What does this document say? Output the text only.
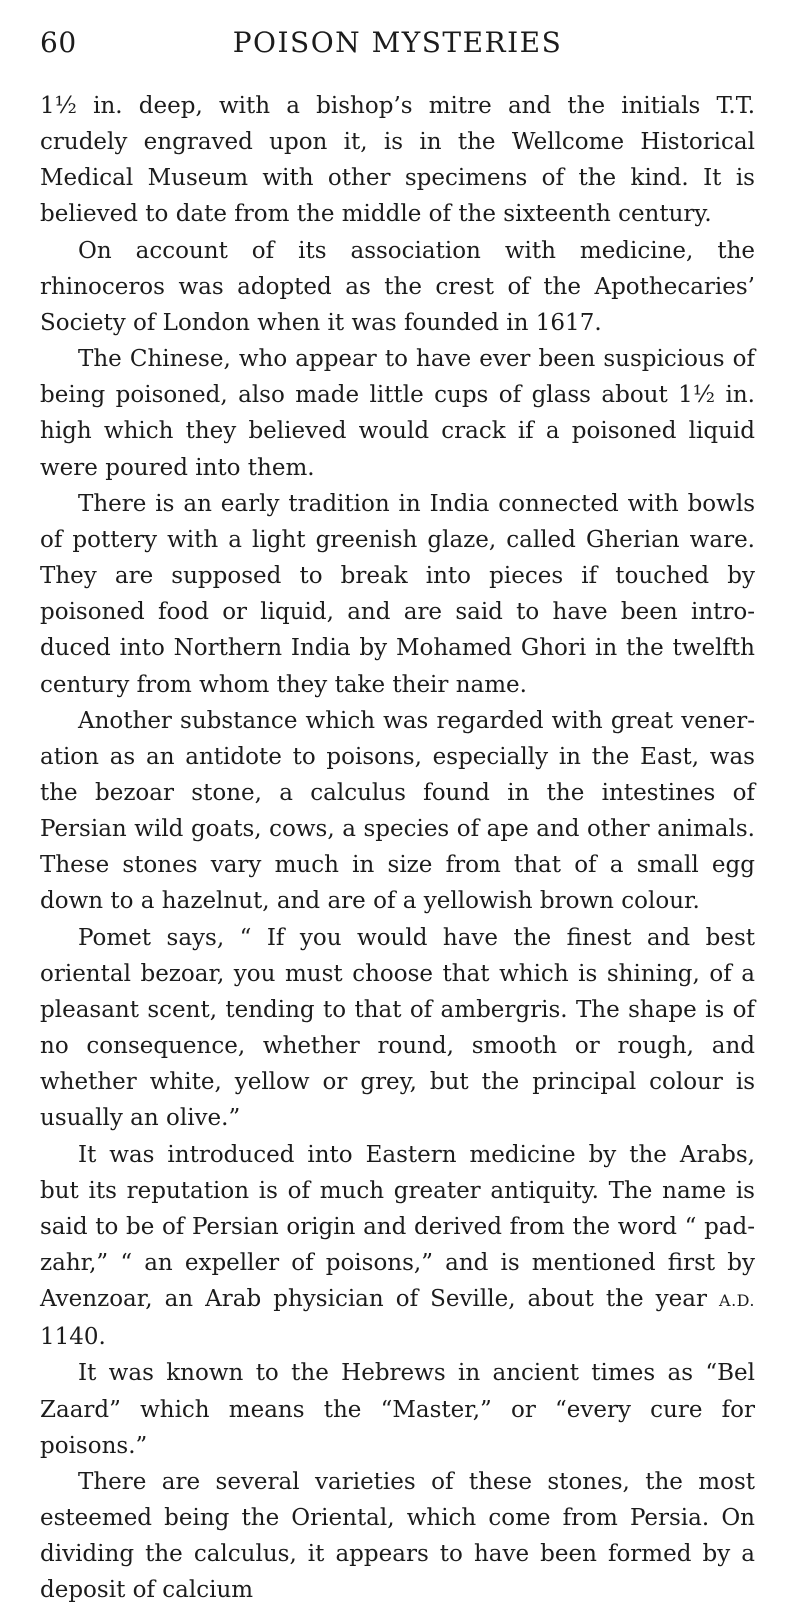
60	POISON MYSTERIES

1½ in. deep, with a bishop’s mitre and the initials T.T. crudely engraved upon it, is in the Wellcome Historical Medical Museum with other specimens of the kind. It is believed to date from the middle of the sixteenth century.

On account of its association with medicine, the rhinoceros was adopted as the crest of the Apothecaries’ Society of London when it was founded in 1617.

The Chinese, who appear to have ever been suspicious of being poisoned, also made little cups of glass about 1½ in. high which they believed would crack if a poisoned liquid were poured into them.

There is an early tradition in India connected with bowls of pottery with a light greenish glaze, called Gherian ware. They are supposed to break into pieces if touched by poisoned food or liquid, and are said to have been intro-duced into Northern India by Mohamed Ghori in the twelfth century from whom they take their name.

Another substance which was regarded with great vener-ation as an antidote to poisons, especially in the East, was the bezoar stone, a calculus found in the intestines of Persian wild goats, cows, a species of ape and other animals. These stones vary much in size from that of a small egg down to a hazelnut, and are of a yellowish brown colour.

Pomet says, “ If you would have the finest and best oriental bezoar, you must choose that which is shining, of a pleasant scent, tending to that of ambergris. The shape is of no consequence, whether round, smooth or rough, and whether white, yellow or grey, but the principal colour is usually an olive.”

It was introduced into Eastern medicine by the Arabs, but its reputation is of much greater antiquity. The name is said to be of Persian origin and derived from the word “ pad-zahr,” “ an expeller of poisons,” and is mentioned first by Avenzoar, an Arab physician of Seville, about the year A.D. 1140.

It was known to the Hebrews in ancient times as “Bel Zaard” which means the “Master,” or “every cure for poisons.”

There are several varieties of these stones, the most esteemed being the Oriental, which come from Persia. On dividing the calculus, it appears to have been formed by a deposit of calcium
